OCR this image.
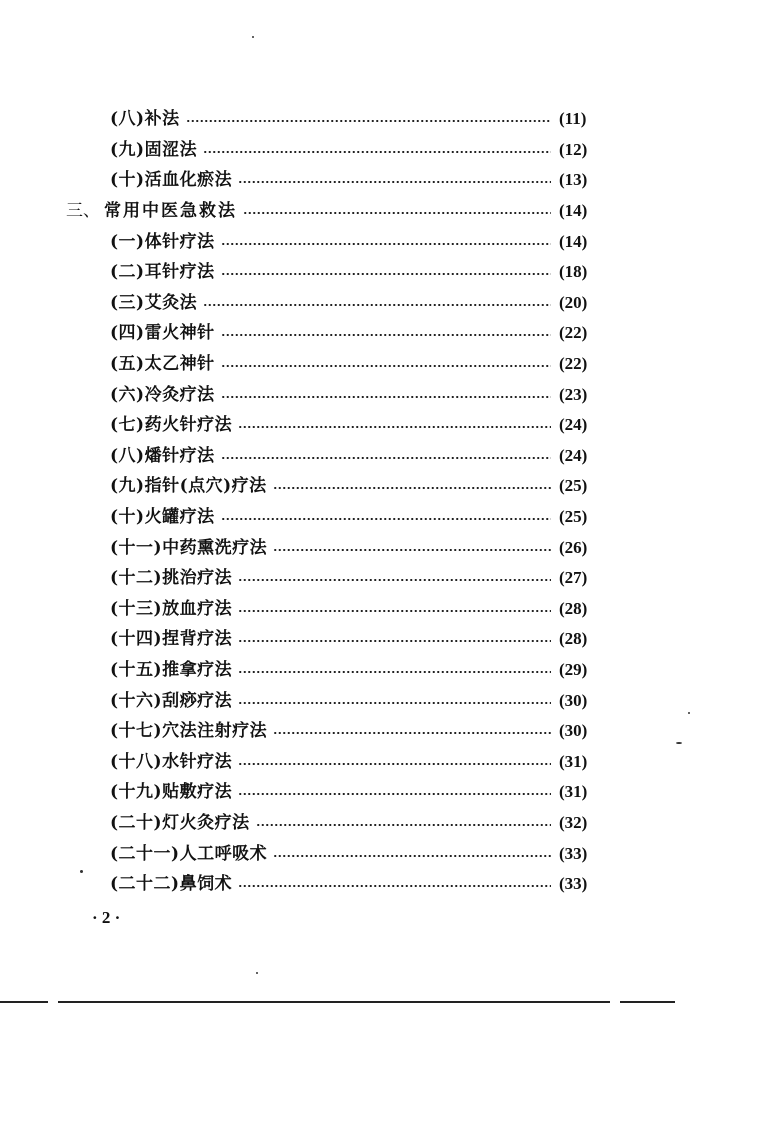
(八)补法	(11)
(九)固涩法	(12)
(十)活血化瘀法	(13)
三、 常用中医急救法	(14)
(一)体针疗法	(14)
(二)耳针疗法	(18)
(三)艾灸法	(20)
(四)雷火神针	(22)
(五)太乙神针	(22)
(六)冷灸疗法	(23)
(七)药火针疗法	(24)
(八)燔针疗法	(24)
(九)指针(点穴)疗法	(25)
(十)火罐疗法	(25)
(十一)中药熏洗疗法	(26)
(十二)挑治疗法	(27)
(十三)放血疗法	(28)
(十四)捏背疗法	(28)
(十五)推拿疗法	(29)
(十六)刮痧疗法	(30)
(十七)穴法注射疗法	(30)
(十八)水针疗法	(31)
(十九)贴敷疗法	(31)
(二十)灯火灸疗法	(32)
(二十一)人工呼吸术	(33)
(二十二)鼻饲术	(33)
· 2 ·
